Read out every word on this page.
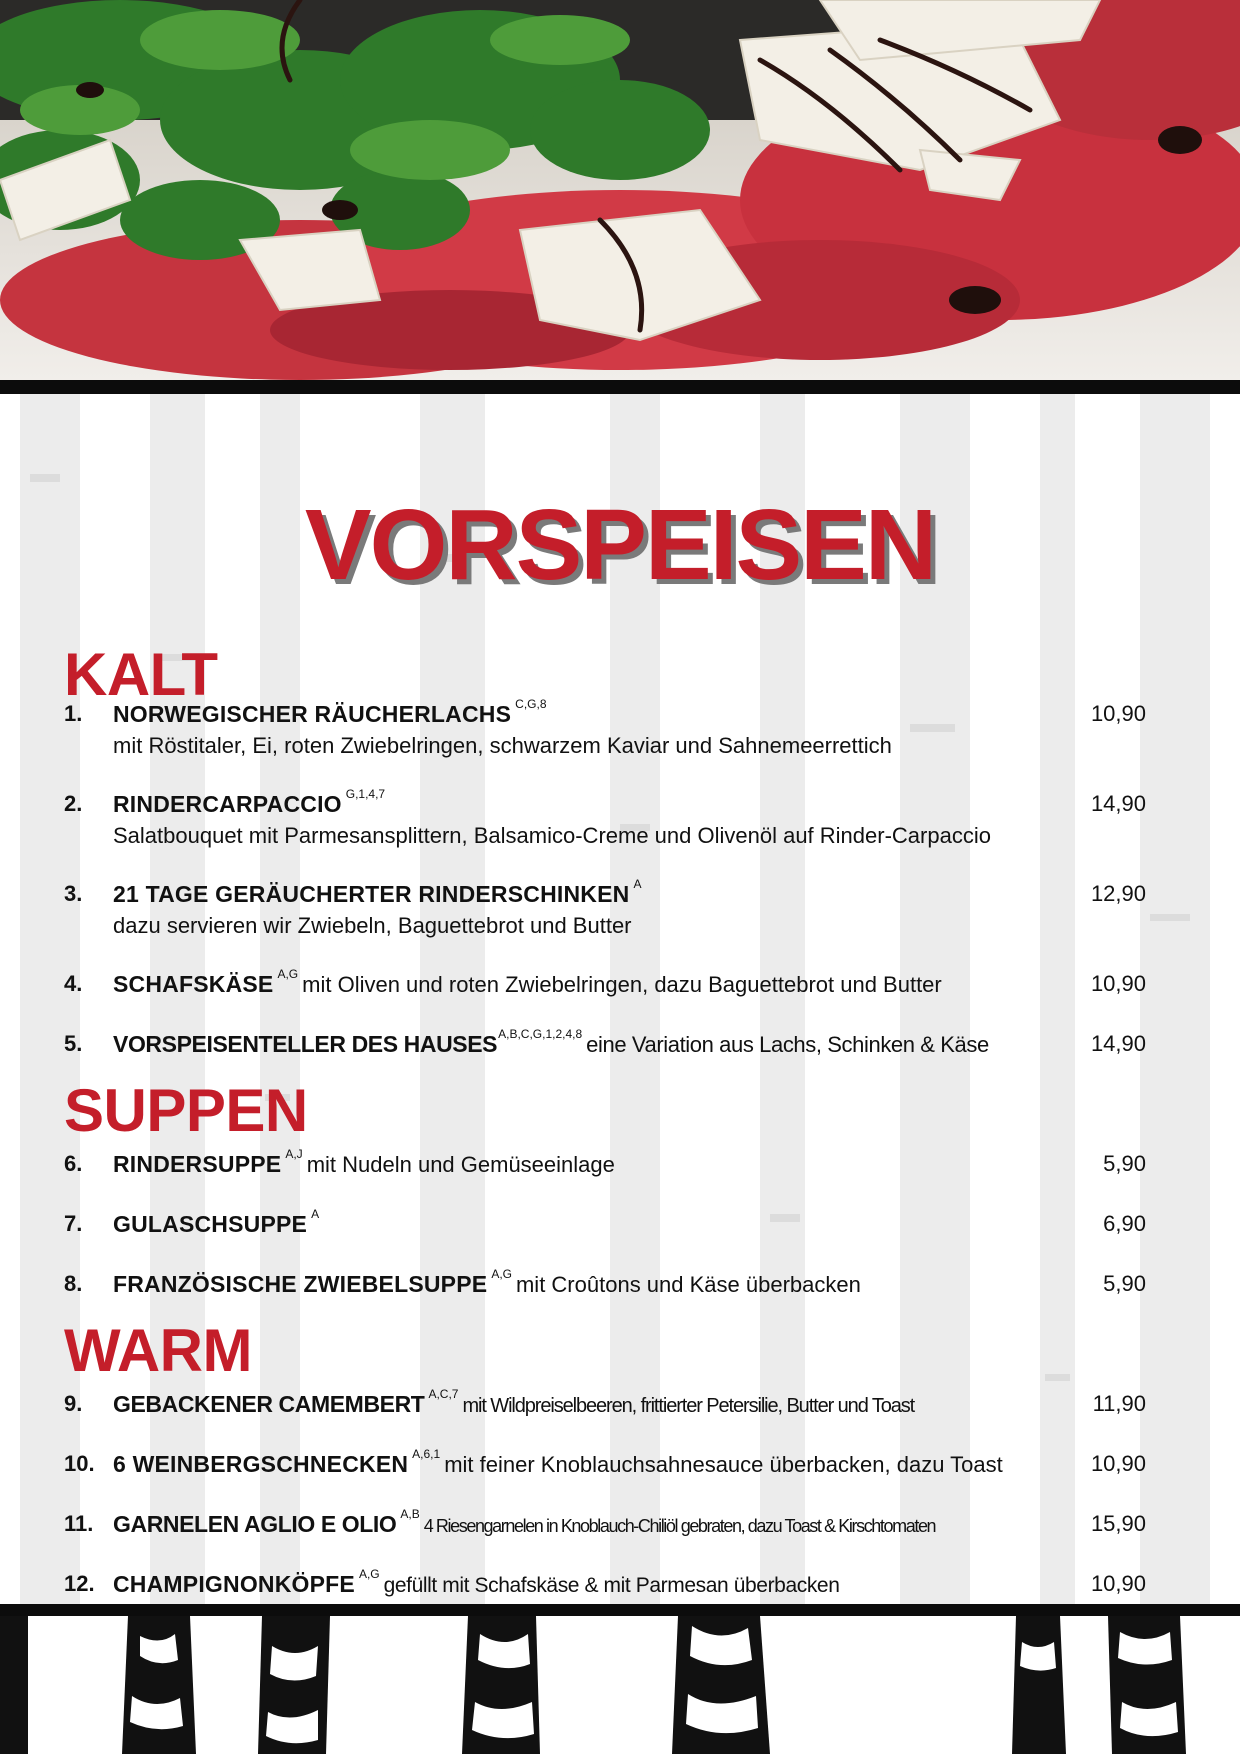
VORSPEISEN
KALT
1. NORWEGISCHER RÄUCHERLACHS $^{C,G,8}$	10,90
mit Röstitaler, Ei, roten Zwiebelringen, schwarzem Kaviar und Sahnemeerrettich
2. RINDERCARPACCIO $^{G,1,4,7}$	14,90
Salatbouquet mit Parmesansplittern, Balsamico-Creme und Olivenöl auf Rinder-Carpaccio
3. 21 TAGE GERÄUCHERTER RINDERSCHINKEN $^A$	12,90
dazu servieren wir Zwiebeln, Baguettebrot und Butter
4. SCHAFSKÄSE $^{A,G}$ mit Oliven und roten Zwiebelringen, dazu Baguettebrot und Butter	10,90
5. VORSPEISENTELLER DES $HAUSES^{A,B,C,G,1,2,4,8}$ eine Variation aus Lachs, Schinken & Käse	14,90
SUPPEN
6. RINDERSUPPE $^{A,J}$ mit Nudeln und Gemüseeinlage	5,90
7. GULASCHSUPPE $^A$	6,90
8. FRANZÖSISCHE ZWIEBELSUPPE $^{A,G}$ mit Croûtons und Käse überbacken	5,90
WARM
9. GEBACKENER CAMEMBERT $^{A,C,7}$mit Wildpreiselbeeren, frittierter Petersilie, Butter und Toast	11,90
10. 6 WEINBERGSCHNECKEN $^{A,6,1}$ mit feiner Knoblauchsahnesauce überbacken, dazu Toast	10,90
11. GARNELEN AGLIO E OLIO $^{A,B}$4 Riesengarnelen in Knoblauch-Chiliöl gebraten, dazu Toast & Kirschtomaten	15,90
12. CHAMPIGNONKÖPFE $^{A,G}$ gefüllt mit Schafskäse & mit Parmesan überbacken	10,90
